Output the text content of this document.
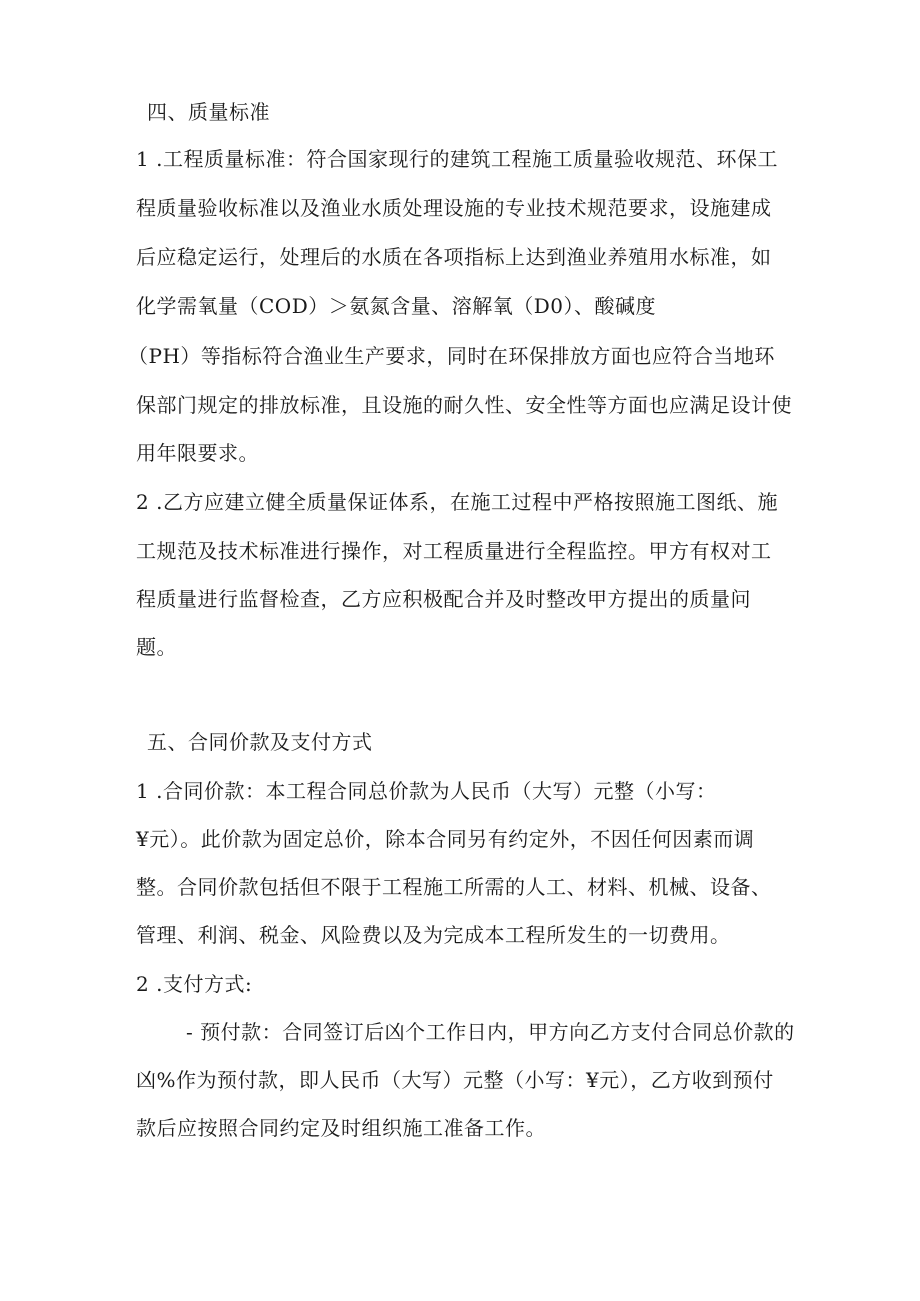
四、质量标准
1 .工程质量标准：符合国家现行的建筑工程施工质量验收规范、环保工
程质量验收标准以及渔业水质处理设施的专业技术规范要求，设施建成
后应稳定运行，处理后的水质在各项指标上达到渔业养殖用水标准，如
化学需氧量（COD）＞氨氮含量、溶解氧（D0）、酸碱度
（PH）等指标符合渔业生产要求，同时在环保排放方面也应符合当地环
保部门规定的排放标准，且设施的耐久性、安全性等方面也应满足设计使
用年限要求。
2 .乙方应建立健全质量保证体系，在施工过程中严格按照施工图纸、施
工规范及技术标准进行操作，对工程质量进行全程监控。甲方有权对工
程质量进行监督检查，乙方应积极配合并及时整改甲方提出的质量问
题。
五、合同价款及支付方式
1 .合同价款：本工程合同总价款为人民币（大写）元整（小写：
¥元）。此价款为固定总价，除本合同另有约定外，不因任何因素而调
整。合同价款包括但不限于工程施工所需的人工、材料、机械、设备、
管理、利润、税金、风险费以及为完成本工程所发生的一切费用。
2 .支付方式:
- 预付款：合同签订后凶个工作日内，甲方向乙方支付合同总价款的
凶%作为预付款，即人民币（大写）元整（小写：¥元），乙方收到预付
款后应按照合同约定及时组织施工准备工作。
